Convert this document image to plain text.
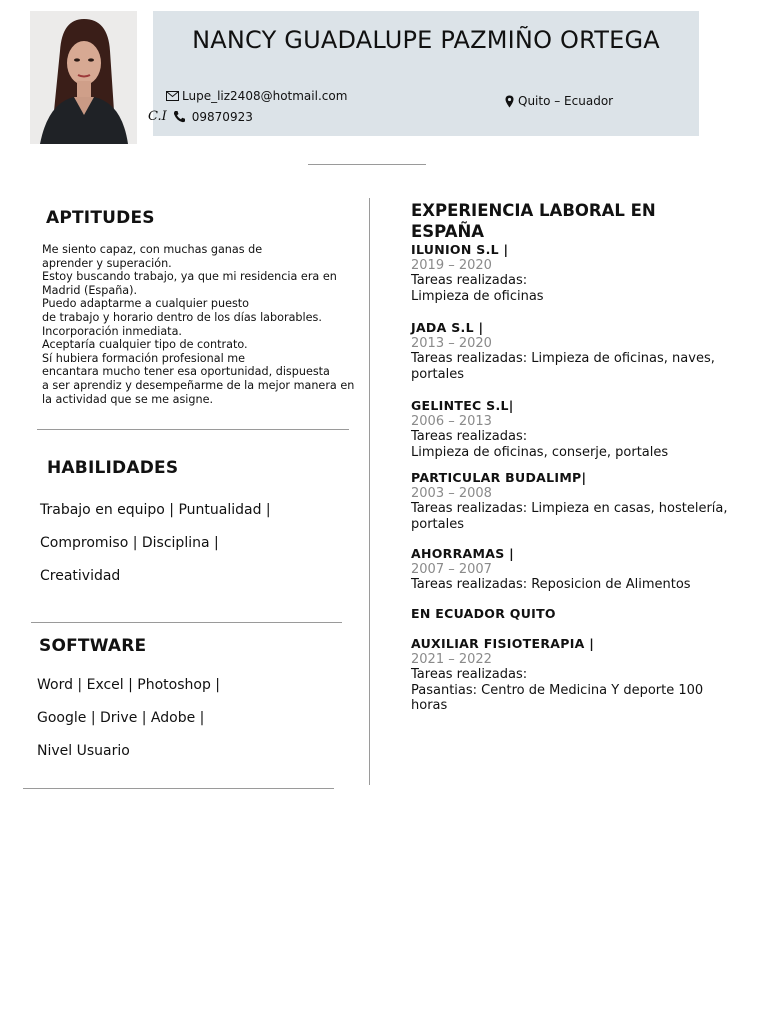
NANCY GUADALUPE PAZMIÑO ORTEGA
Lupe_liz2408@hotmail.com
C.I 09870923
Quito – Ecuador
APTITUDES
Me siento capaz, con muchas ganas de
aprender y superación.
Estoy buscando trabajo, ya que mi residencia era en
Madrid (España).
Puedo adaptarme a cualquier puesto
de trabajo y horario dentro de los días laborables.
Incorporación inmediata.
Aceptaría cualquier tipo de contrato.
Sí hubiera formación profesional me
encantara mucho tener esa oportunidad, dispuesta
a ser aprendiz y desempeñarme de la mejor manera en
la actividad que se me asigne.
HABILIDADES
Trabajo en equipo | Puntualidad |
Compromiso | Disciplina |
Creatividad
SOFTWARE
Word | Excel | Photoshop |
Google | Drive | Adobe |
Nivel Usuario
EXPERIENCIA LABORAL EN ESPAÑA
ILUNION S.L |
2019 – 2020
Tareas realizadas:
Limpieza de oficinas
JADA S.L |
2013 – 2020
Tareas realizadas: Limpieza de oficinas, naves,
portales
GELINTEC S.L|
2006 – 2013
Tareas realizadas:
Limpieza de oficinas, conserje, portales
PARTICULAR BUDALIMP|
2003 – 2008
Tareas realizadas: Limpieza en casas, hostelería,
portales
AHORRAMAS |
2007 – 2007
Tareas realizadas: Reposicion de Alimentos
EN ECUADOR QUITO
AUXILIAR FISIOTERAPIA |
2021 – 2022
Tareas realizadas:
Pasantias: Centro de Medicina Y deporte 100
horas
